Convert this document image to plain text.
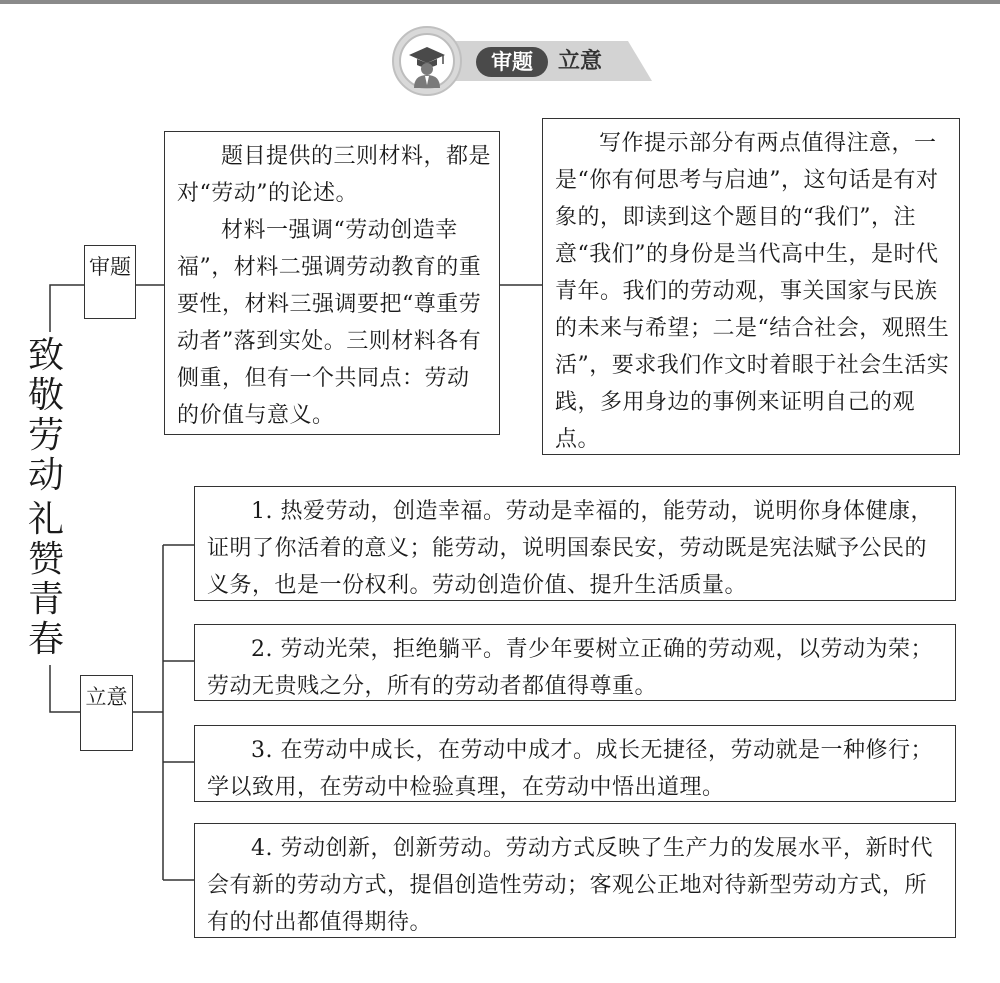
审题	立意
致敬劳动
礼赞青春
审题
立意

题目提供的三则材料，都是对“劳动”的论述。

材料一强调“劳动创造幸福”，材料二强调劳动教育的重要性，材料三强调要把“尊重劳动者”落到实处。三则材料各有侧重，但有一个共同点：劳动的价值与意义。

写作提示部分有两点值得注意，一是“你有何思考与启迪”，这句话是有对象的，即读到这个题目的“我们”，注意“我们”的身份是当代高中生，是时代青年。我们的劳动观，事关国家与民族的未来与希望；二是“结合社会，观照生活”，要求我们作文时着眼于社会生活实践，多用身边的事例来证明自己的观点。

1. 热爱劳动，创造幸福。劳动是幸福的，能劳动，说明你身体健康，证明了你活着的意义；能劳动，说明国泰民安，劳动既是宪法赋予公民的义务，也是一份权利。劳动创造价值、提升生活质量。

2. 劳动光荣，拒绝躺平。青少年要树立正确的劳动观，以劳动为荣；劳动无贵贱之分，所有的劳动者都值得尊重。

3. 在劳动中成长，在劳动中成才。成长无捷径，劳动就是一种修行；学以致用，在劳动中检验真理，在劳动中悟出道理。

4. 劳动创新，创新劳动。劳动方式反映了生产力的发展水平，新时代会有新的劳动方式，提倡创造性劳动；客观公正地对待新型劳动方式，所有的付出都值得期待。
